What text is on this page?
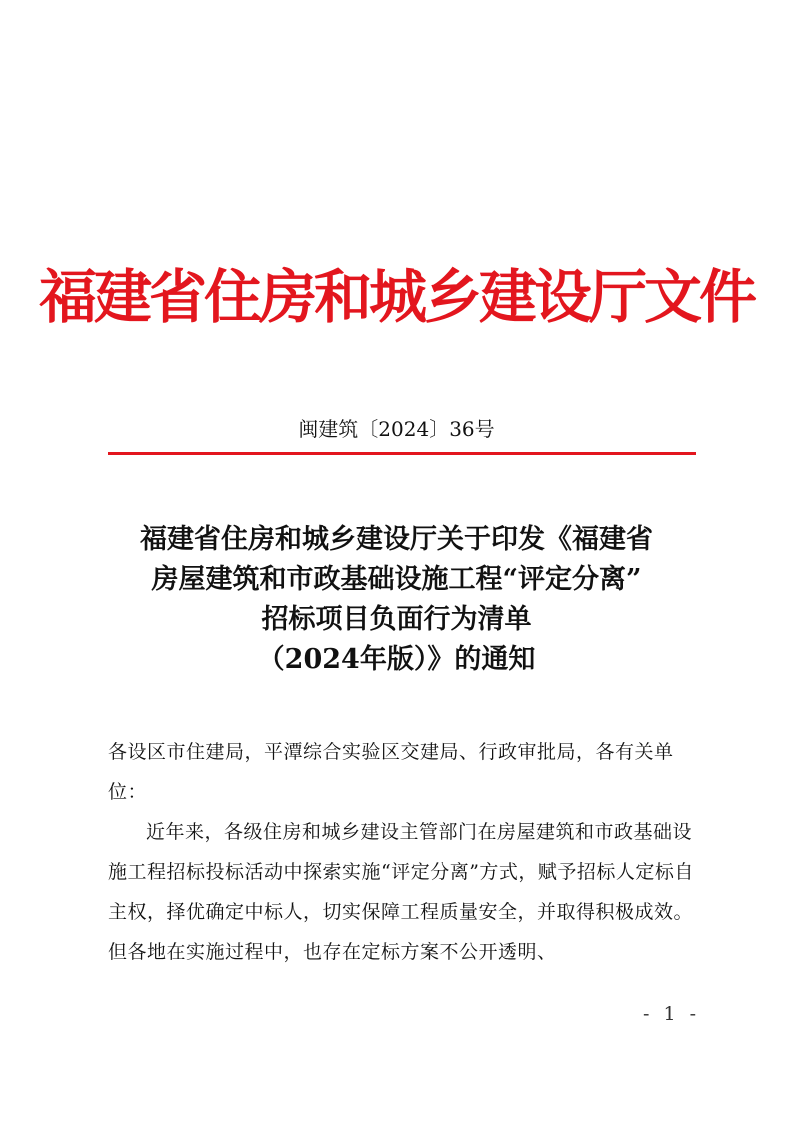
福建省住房和城乡建设厅文件
闽建筑〔2024〕36号
福建省住房和城乡建设厅关于印发《福建省
房屋建筑和市政基础设施工程“评定分离”
招标项目负面行为清单
（2024年版）》的通知
各设区市住建局，平潭综合实验区交建局、行政审批局，各有关单位：
近年来，各级住房和城乡建设主管部门在房屋建筑和市政基础设施工程招标投标活动中探索实施“评定分离”方式，赋予招标人定标自主权，择优确定中标人，切实保障工程质量安全，并取得积极成效。但各地在实施过程中，也存在定标方案不公开透明、
- 1 -
